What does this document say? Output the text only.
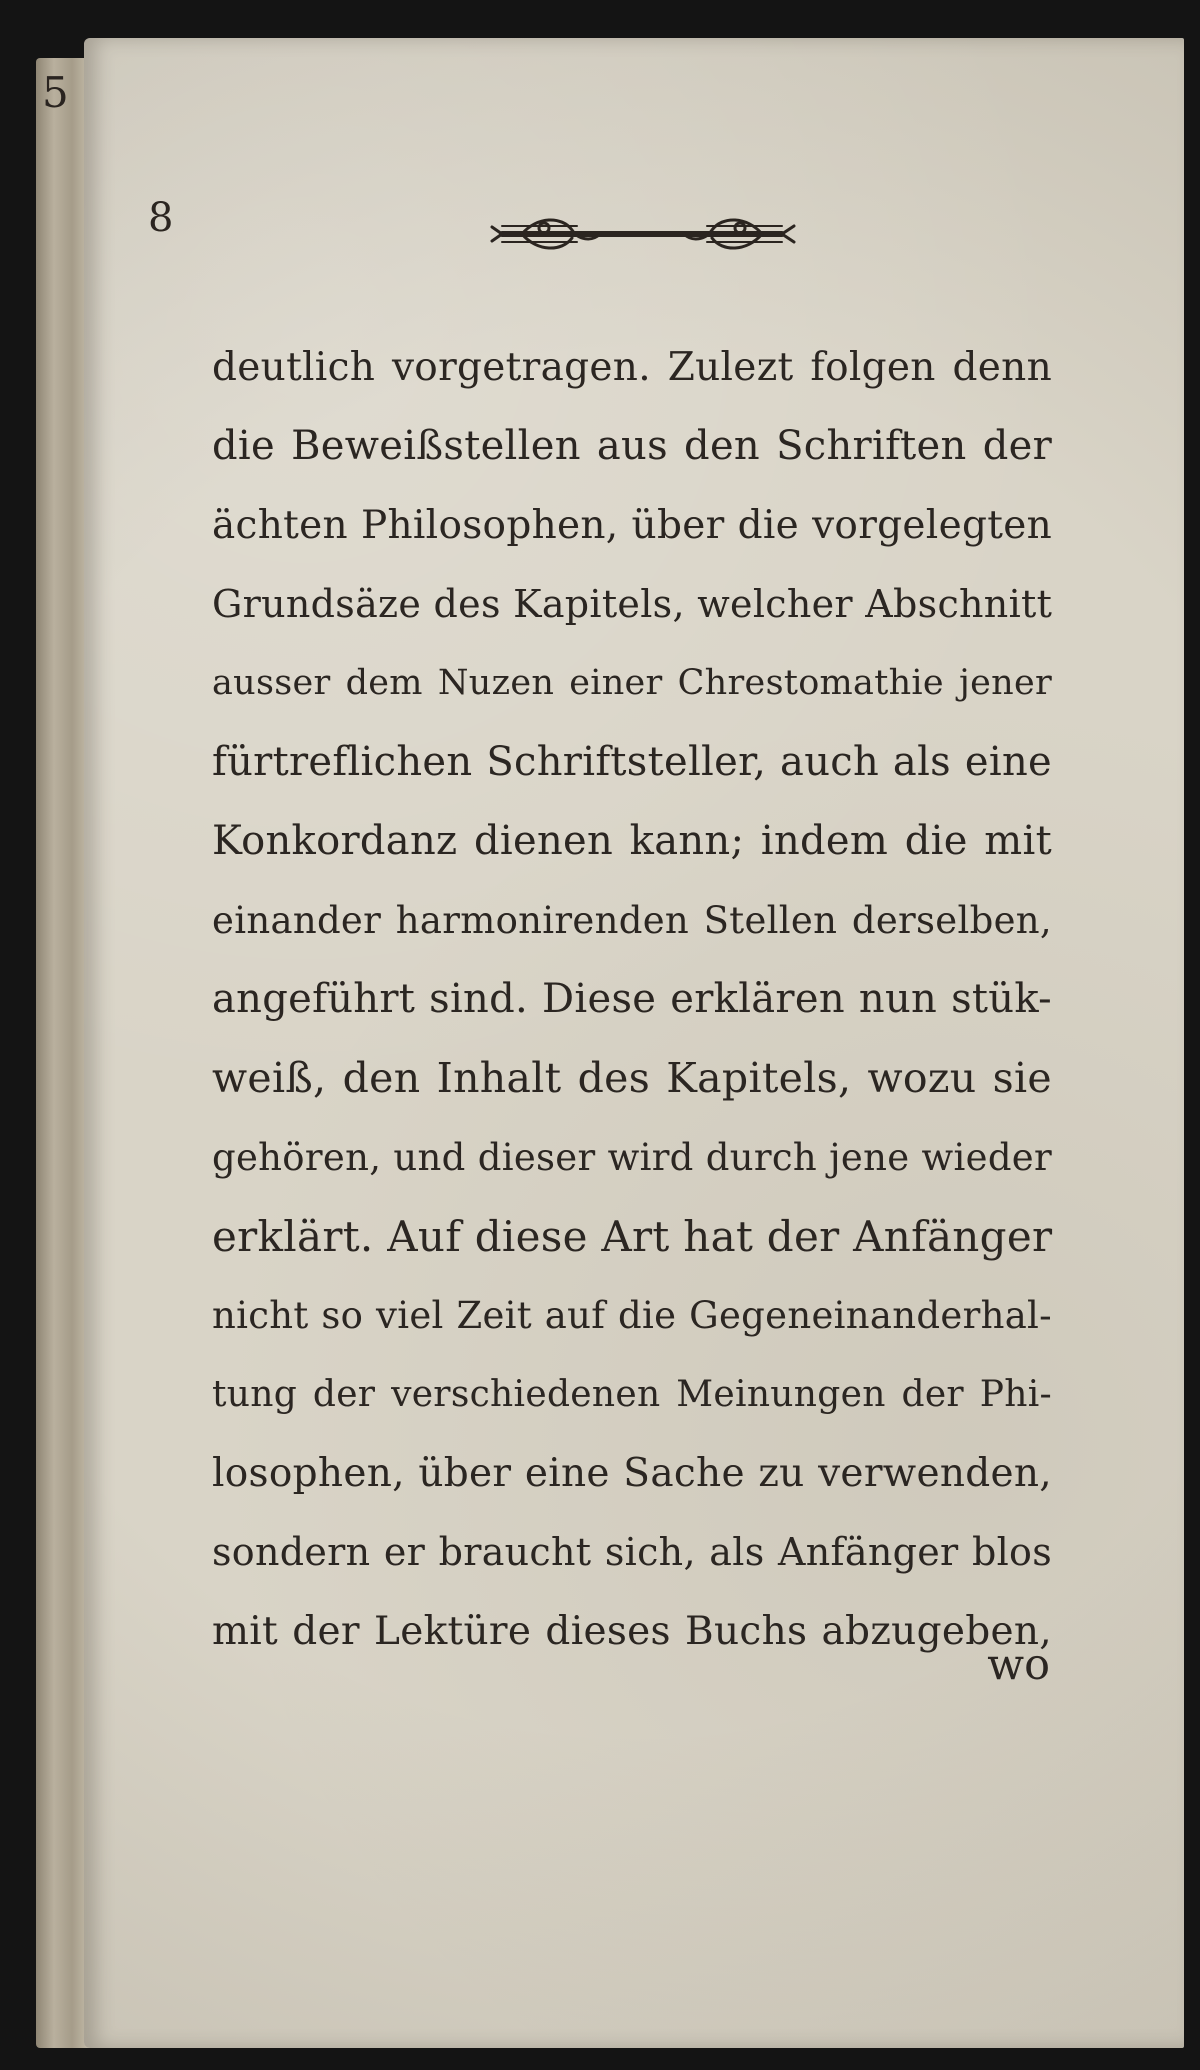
5
8
deutlich vorgetragen. Zulezt folgen denn
die Beweißstellen aus den Schriften der
ächten Philosophen, über die vorgelegten
Grundsäze des Kapitels, welcher Abschnitt
ausser dem Nuzen einer Chrestomathie jener
fürtreflichen Schriftsteller, auch als eine
Konkordanz dienen kann; indem die mit
einander harmonirenden Stellen derselben,
angeführt sind. Diese erklären nun stük-
weiß, den Inhalt des Kapitels, wozu sie
gehören, und dieser wird durch jene wieder
erklärt. Auf diese Art hat der Anfänger
nicht so viel Zeit auf die Gegeneinanderhal-
tung der verschiedenen Meinungen der Phi-
losophen, über eine Sache zu verwenden,
sondern er braucht sich, als Anfänger blos
mit der Lektüre dieses Buchs abzugeben,
wo
